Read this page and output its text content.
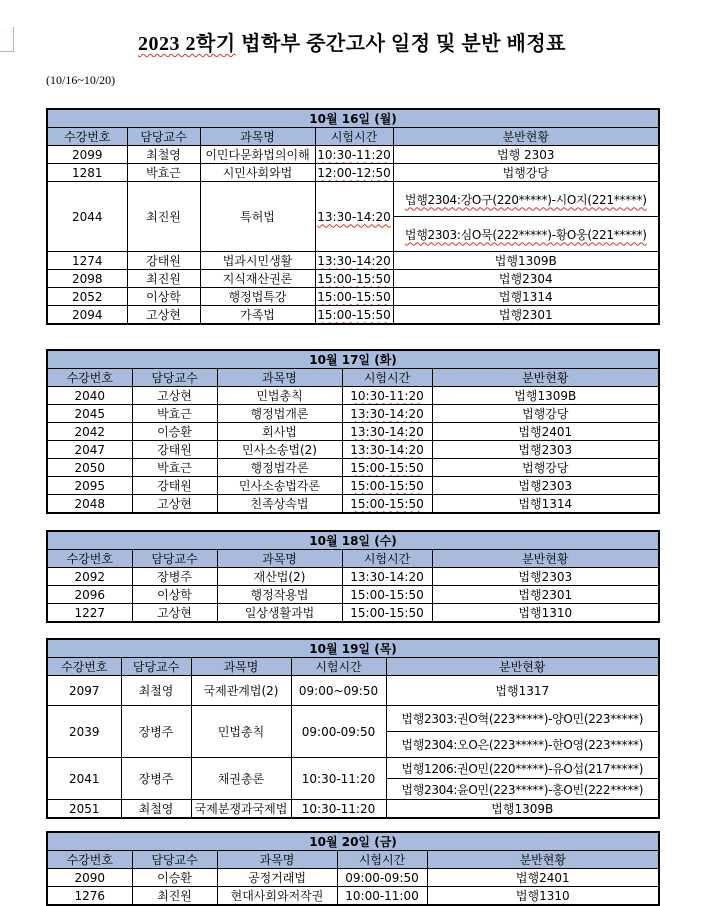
2023 2학기 법학부 중간고사 일정 및 분반 배정표
(10/16~10/20)
10월 16일 (월)				
수강번호	담당교수	과목명	시험시간	분반현황
2099	최철영	이민다문화법의이해	10:30-11:20	법행 2303
1281	박효근	시민사회와법	12:00-12:50	법행강당
2044	최진원	특허법	13:30-14:20	법행2304:강O구(220*****)-시O지(221*****)
				법행2303:심O묵(222*****)-황O웅(221*****)
1274	강태원	법과시민생활	13:30-14:20	법행1309B
2098	최진원	지식재산권론	15:00-15:50	법행2304
2052	이상학	행정법특강	15:00-15:50	법행1314
2094	고상현	가족법	15:00-15:50	법행2301
10월 17일 (화)				
수강번호	담당교수	과목명	시험시간	분반현황
2040	고상현	민법총칙	10:30-11:20	법행1309B
2045	박효근	행정법개론	13:30-14:20	법행강당
2042	이승환	회사법	13:30-14:20	법행2401
2047	강태원	민사소송법(2)	13:30-14:20	법행2303
2050	박효근	행정법각론	15:00-15:50	법행강당
2095	강태원	민사소송법각론	15:00-15:50	법행2303
2048	고상현	친족상속법	15:00-15:50	법행1314
10월 18일 (수)				
수강번호	담당교수	과목명	시험시간	분반현황
2092	장병주	재산법(2)	13:30-14:20	법행2303
2096	이상학	행정작용법	15:00-15:50	법행2301
1227	고상현	일상생활과법	15:00-15:50	법행1310
10월 19일 (목)				
수강번호	담당교수	과목명	시험시간	분반현황
2097	최철영	국제관계법(2)	09:00~09:50	법행1317
2039	장병주	민법총칙	09:00-09:50	법행2303:권O혁(223*****)-양O민(223*****)
				법행2304:오O은(223*****)-한O영(223*****)
2041	장병주	채권총론	10:30-11:20	법행1206:권O민(220*****)-유O섭(217*****)
				법행2304:윤O민(223*****)-홍O빈(222*****)
2051	최철영	국제분쟁과국제법	10:30-11:20	법행1309B
10월 20일 (금)				
수강번호	담당교수	과목명	시험시간	분반현황
2090	이승환	공정거래법	09:00-09:50	법행2401
1276	최진원	현대사회와저작권	10:00-11:00	법행1310
